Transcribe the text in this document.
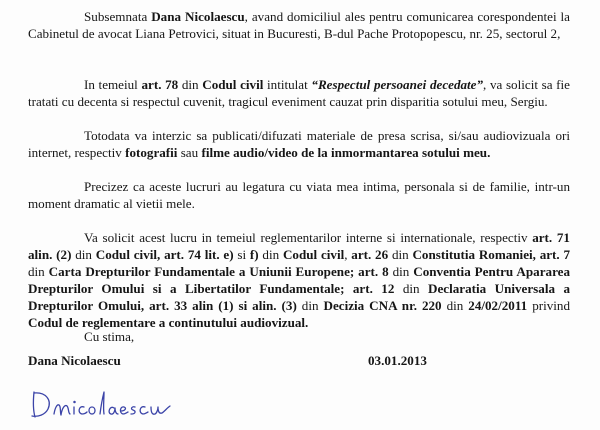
Subsemnata Dana Nicolaescu, avand domiciliul ales pentru comunicarea corespondentei la Cabinetul de avocat Liana Petrovici, situat in Bucuresti, B-dul Pache Protopopescu, nr. 25, sectorul 2,

In temeiul art. 78 din Codul civil intitulat “Respectul persoanei decedate”, va solicit sa fie tratati cu decenta si respectul cuvenit, tragicul eveniment cauzat prin disparitia sotului meu, Sergiu.

Totodata va interzic sa publicati/difuzati materiale de presa scrisa, si/sau audiovizuala ori internet, respectiv fotografii sau filme audio/video de la inmormantarea sotului meu.

Precizez ca aceste lucruri au legatura cu viata mea intima, personala si de familie, intr-un moment dramatic al vietii mele.

Va solicit acest lucru in temeiul reglementarilor interne si internationale, respectiv art. 71 alin. (2) din Codul civil, art. 74 lit. e) si f) din Codul civil, art. 26 din Constitutia Romaniei, art. 7 din Carta Drepturilor Fundamentale a Uniunii Europene; art. 8 din Conventia Pentru Apararea Drepturilor Omului si a Libertatilor Fundamentale; art. 12 din Declaratia Universala a Drepturilor Omului, art. 33 alin (1) si alin. (3) din Decizia CNA nr. 220 din 24/02/2011 privind Codul de reglementare a continutului audiovizual.

Cu stima,
Dana Nicolaescu	03.01.2013
